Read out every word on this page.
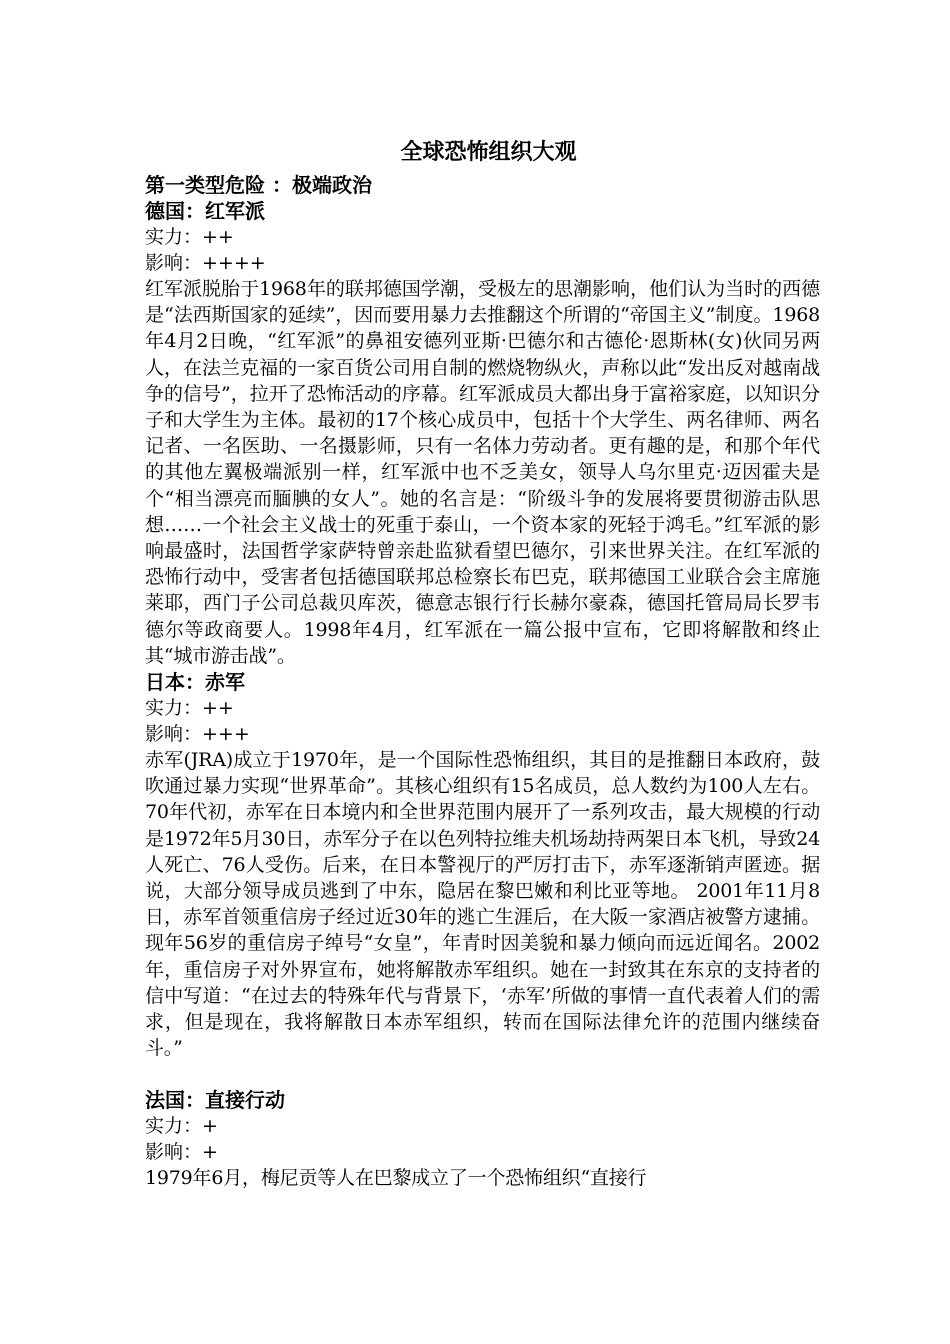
全球恐怖组织大观

第一类型危险 ：极端政治

德国：红军派

实力：++

影响：++++

红军派脱胎于1968年的联邦德国学潮，受极左的思潮影响，他们认为当时的西德是“法西斯国家的延续”，因而要用暴力去推翻这个所谓的“帝国主义”制度。1968年4月2日晚，“红军派”的鼻祖安德列亚斯·巴德尔和古德伦·恩斯林(女)伙同另两人，在法兰克福的一家百货公司用自制的燃烧物纵火，声称以此“发出反对越南战争的信号”，拉开了恐怖活动的序幕。红军派成员大都出身于富裕家庭，以知识分子和大学生为主体。最初的17个核心成员中，包括十个大学生、两名律师、两名记者、一名医助、一名摄影师，只有一名体力劳动者。更有趣的是，和那个年代的其他左翼极端派别一样，红军派中也不乏美女，领导人乌尔里克·迈因霍夫是个“相当漂亮而腼腆的女人”。她的名言是：“阶级斗争的发展将要贯彻游击队思想……一个社会主义战士的死重于泰山，一个资本家的死轻于鸿毛。”红军派的影响最盛时，法国哲学家萨特曾亲赴监狱看望巴德尔，引来世界关注。在红军派的恐怖行动中，受害者包括德国联邦总检察长布巴克，联邦德国工业联合会主席施莱耶，西门子公司总裁贝库茨，德意志银行行长赫尔豪森，德国托管局局长罗韦德尔等政商要人。1998年4月，红军派在一篇公报中宣布，它即将解散和终止其“城市游击战”。

日本：赤军

实力：++

影响：+++

赤军(JRA)成立于1970年，是一个国际性恐怖组织，其目的是推翻日本政府，鼓吹通过暴力实现“世界革命”。其核心组织有15名成员，总人数约为100人左右。70年代初，赤军在日本境内和全世界范围内展开了一系列攻击，最大规模的行动是1972年5月30日，赤军分子在以色列特拉维夫机场劫持两架日本飞机，导致24人死亡、76人受伤。后来，在日本警视厅的严厉打击下，赤军逐渐销声匿迹。据说，大部分领导成员逃到了中东，隐居在黎巴嫩和利比亚等地。 2001年11月8日，赤军首领重信房子经过近30年的逃亡生涯后，在大阪一家酒店被警方逮捕。现年56岁的重信房子绰号“女皇”，年青时因美貌和暴力倾向而远近闻名。2002年，重信房子对外界宣布，她将解散赤军组织。她在一封致其在东京的支持者的信中写道：“在过去的特殊年代与背景下，‘赤军’所做的事情一直代表着人们的需求，但是现在，我将解散日本赤军组织，转而在国际法律允许的范围内继续奋斗。”

法国：直接行动

实力：+

影响：+

1979年6月，梅尼贡等人在巴黎成立了一个恐怖组织“直接行
